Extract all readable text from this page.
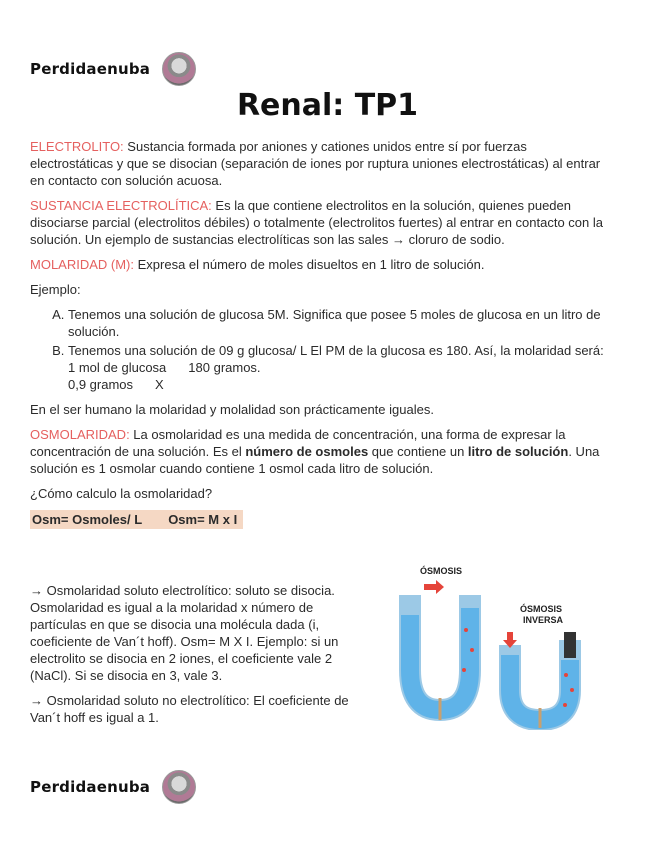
Perdidaenuba
Renal: TP1

ELECTROLITO: Sustancia formada por aniones y cationes unidos entre sí por fuerzas electrostáticas y que se disocian (separación de iones por ruptura uniones electrostáticas) al entrar en contacto con solución acuosa.

SUSTANCIA ELECTROLÍTICA: Es la que contiene electrolitos en la solución, quienes pueden disociarse parcial (electrolitos débiles) o totalmente (electrolitos fuertes) al entrar en contacto con la solución. Un ejemplo de sustancias electrolíticas son las sales → cloruro de sodio.

MOLARIDAD (M): Expresa el número de moles disueltos en 1 litro de solución.

Ejemplo:

A. Tenemos una solución de glucosa 5M. Significa que posee 5 moles de glucosa en un litro de solución.
B. Tenemos una solución de 09 g glucosa/ L El PM de la glucosa es 180. Así, la molaridad será:
1 mol de glucosa 180 gramos.
0,9 gramos X

En el ser humano la molaridad y molalidad son prácticamente iguales.

OSMOLARIDAD: La osmolaridad es una medida de concentración, una forma de expresar la concentración de una solución. Es el número de osmoles que contiene un litro de solución. Una solución es 1 osmolar cuando contiene 1 osmol cada litro de solución.

¿Cómo calculo la osmolaridad?

Osm= Osmoles/ L Osm= M x I

→ Osmolaridad soluto electrolítico: soluto se disocia. Osmolaridad es igual a la molaridad x número de partículas en que se disocia una molécula dada (i, coeficiente de Van´t hoff). Osm= M X I. Ejemplo: si un electrolito se disocia en 2 iones, el coeficiente vale 2 (NaCl). Si se disocia en 3, vale 3.

→ Osmolaridad soluto no electrolítico: El coeficiente de Van´t hoff es igual a 1.

ÓSMOSIS
ÓSMOSIS
INVERSA
Perdidaenuba
